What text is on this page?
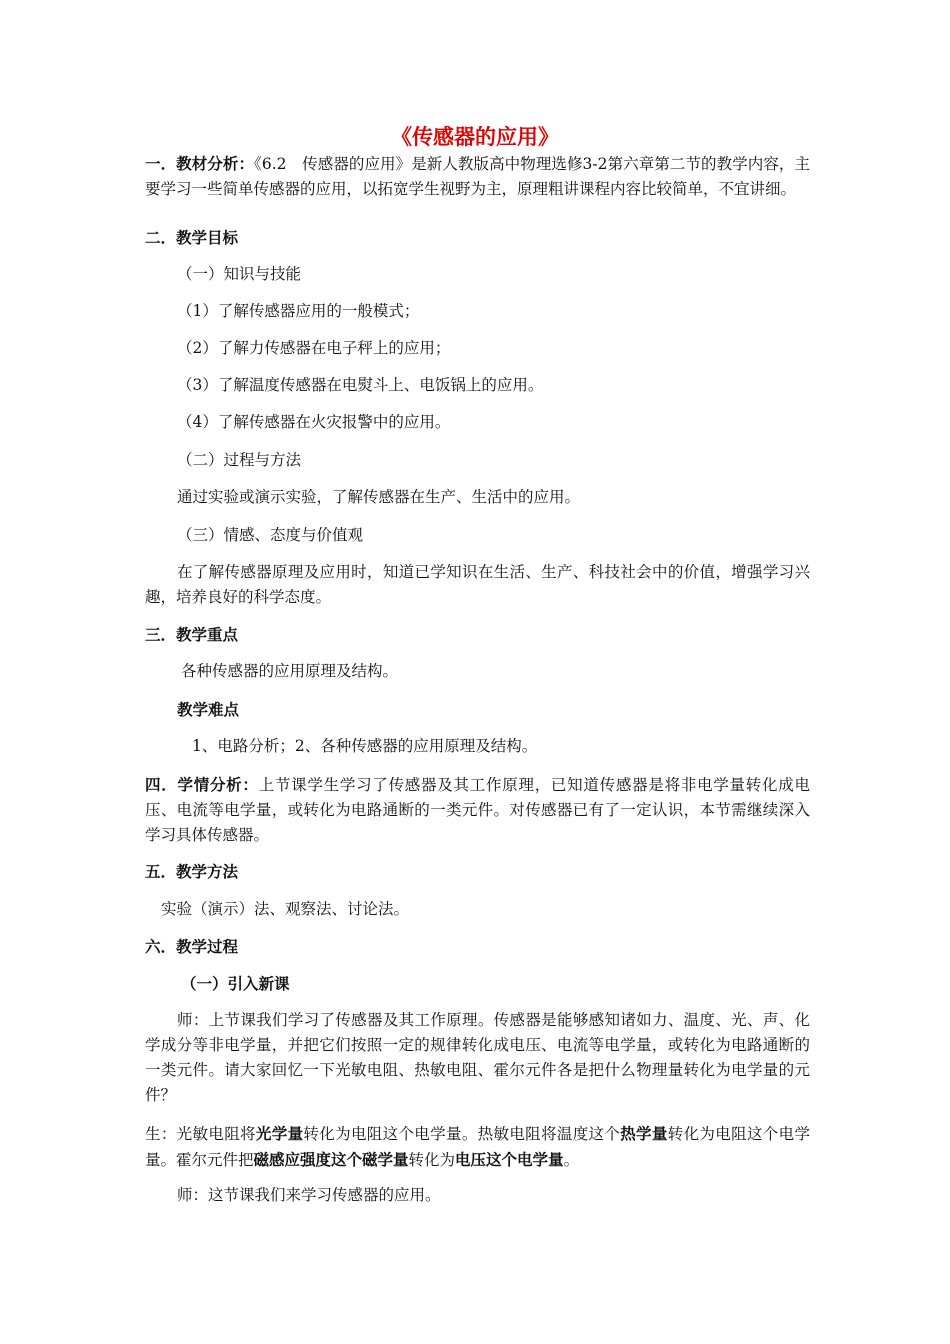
《传感器的应用》
一．教材分析：《6.2　传感器的应用》是新人教版高中物理选修3-2第六章第二节的教学内容，主要学习一些简单传感器的应用，以拓宽学生视野为主，原理粗讲课程内容比较简单，不宜讲细。
二．教学目标
（一）知识与技能
（1）了解传感器应用的一般模式；
（2）了解力传感器在电子秤上的应用；
（3）了解温度传感器在电熨斗上、电饭锅上的应用。
（4）了解传感器在火灾报警中的应用。
（二）过程与方法
通过实验或演示实验，了解传感器在生产、生活中的应用。
（三）情感、态度与价值观
在了解传感器原理及应用时，知道已学知识在生活、生产、科技社会中的价值，增强学习兴趣，培养良好的科学态度。
三．教学重点
各种传感器的应用原理及结构。
教学难点
1、电路分析；2、各种传感器的应用原理及结构。
四．学情分析：上节课学生学习了传感器及其工作原理，已知道传感器是将非电学量转化成电压、电流等电学量，或转化为电路通断的一类元件。对传感器已有了一定认识，本节需继续深入学习具体传感器。
五．教学方法
实验（演示）法、观察法、讨论法。
六．教学过程
（一）引入新课
师：上节课我们学习了传感器及其工作原理。传感器是能够感知诸如力、温度、光、声、化学成分等非电学量，并把它们按照一定的规律转化成电压、电流等电学量，或转化为电路通断的一类元件。请大家回忆一下光敏电阻、热敏电阻、霍尔元件各是把什么物理量转化为电学量的元件？
生：光敏电阻将光学量转化为电阻这个电学量。热敏电阻将温度这个热学量转化为电阻这个电学量。霍尔元件把磁感应强度这个磁学量转化为电压这个电学量。
师：这节课我们来学习传感器的应用。
